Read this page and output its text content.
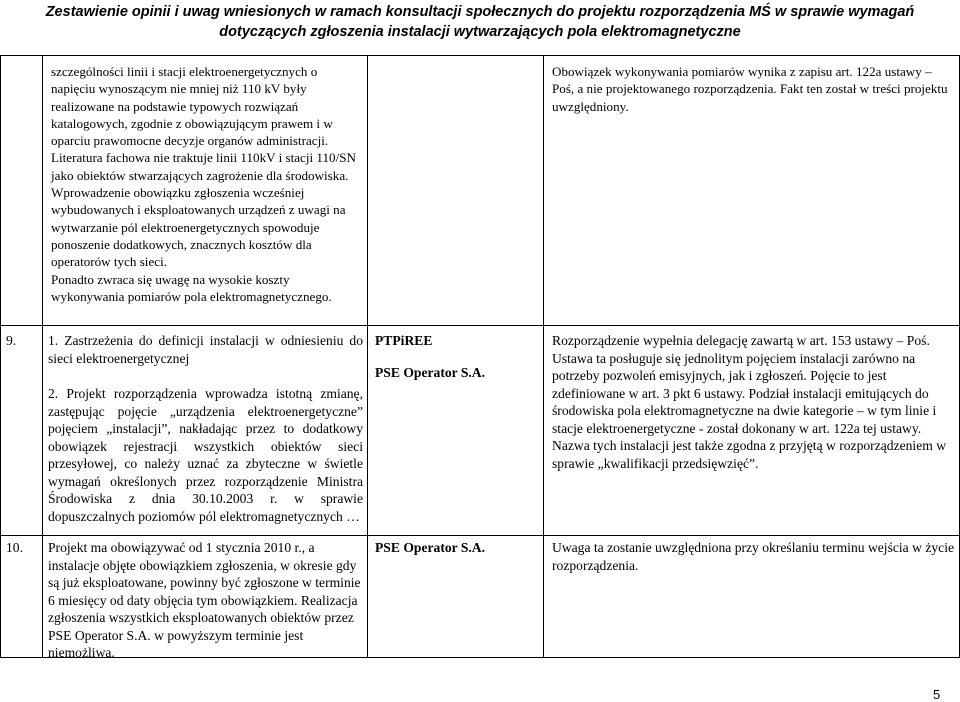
Zestawienie opinii i uwag wniesionych w ramach konsultacji społecznych do projektu rozporządzenia MŚ w sprawie wymagań
dotyczących zgłoszenia instalacji wytwarzających pola elektromagnetyczne

szczególności linii i stacji elektroenergetycznych o napięciu wynoszącym nie mniej niż 110 kV były realizowane na podstawie typowych rozwiązań katalogowych, zgodnie z obowiązującym prawem i w oparciu prawomocne decyzje organów administracji. Literatura fachowa nie traktuje linii 110kV i stacji 110/SN jako obiektów stwarzających zagrożenie dla środowiska. Wprowadzenie obowiązku zgłoszenia wcześniej wybudowanych i eksploatowanych urządzeń z uwagi na wytwarzanie pól elektroenergetycznych spowoduje ponoszenie dodatkowych, znacznych kosztów dla operatorów tych sieci.

Ponadto zwraca się uwagę na wysokie koszty wykonywania pomiarów pola elektromagnetycznego.

Obowiązek wykonywania pomiarów wynika z zapisu art. 122a ustawy – Poś, a nie projektowanego rozporządzenia. Fakt ten został w treści projektu uwzględniony.

9. 1. Zastrzeżenia do definicji instalacji w odniesieniu do sieci elektroenergetycznej

2. Projekt rozporządzenia wprowadza istotną zmianę, zastępując pojęcie „urządzenia elektroenergetyczne” pojęciem „instalacji”, nakładając przez to dodatkowy obowiązek rejestracji wszystkich obiektów sieci przesyłowej, co należy uznać za zbyteczne w świetle wymagań określonych przez rozporządzenie Ministra Środowiska z dnia 30.10.2003 r. w sprawie dopuszczalnych poziomów pól elektromagnetycznych …

PTPiREE

PSE Operator S.A.

Rozporządzenie wypełnia delegację zawartą w art. 153 ustawy – Poś. Ustawa ta posługuje się jednolitym pojęciem instalacji zarówno na potrzeby pozwoleń emisyjnych, jak i zgłoszeń. Pojęcie to jest zdefiniowane w art. 3 pkt 6 ustawy. Podział instalacji emitujących do środowiska pola elektromagnetyczne na dwie kategorie – w tym linie i stacje elektroenergetyczne - został dokonany w art. 122a tej ustawy. Nazwa tych instalacji jest także zgodna z przyjętą w rozporządzeniem w sprawie „kwalifikacji przedsięwzięć”.

10. Projekt ma obowiązywać od 1 stycznia 2010 r., a instalacje objęte obowiązkiem zgłoszenia, w okresie gdy są już eksploatowane, powinny być zgłoszone w terminie 6 miesięcy od daty objęcia tym obowiązkiem. Realizacja zgłoszenia wszystkich eksploatowanych obiektów przez PSE Operator S.A. w powyższym terminie jest niemożliwa.

PSE Operator S.A.	Uwaga ta zostanie uwzględniona przy określaniu terminu wejścia w życie rozporządzenia.

5
